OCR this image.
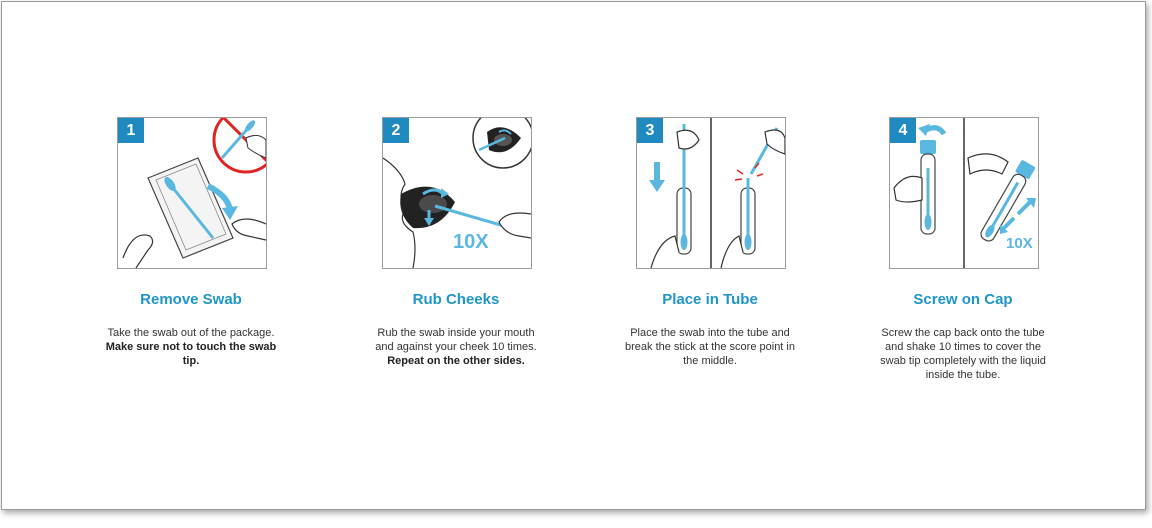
1
Remove Swab
Take the swab out of the package. Make sure not to touch the swab tip.
2
10X
Rub Cheeks
Rub the swab inside your mouth and against your cheek 10 times. Repeat on the other sides.
3
Place in Tube
Place the swab into the tube and break the stick at the score point in the middle.
4
10X
Screw on Cap
Screw the cap back onto the tube and shake 10 times to cover the swab tip completely with the liquid inside the tube.
